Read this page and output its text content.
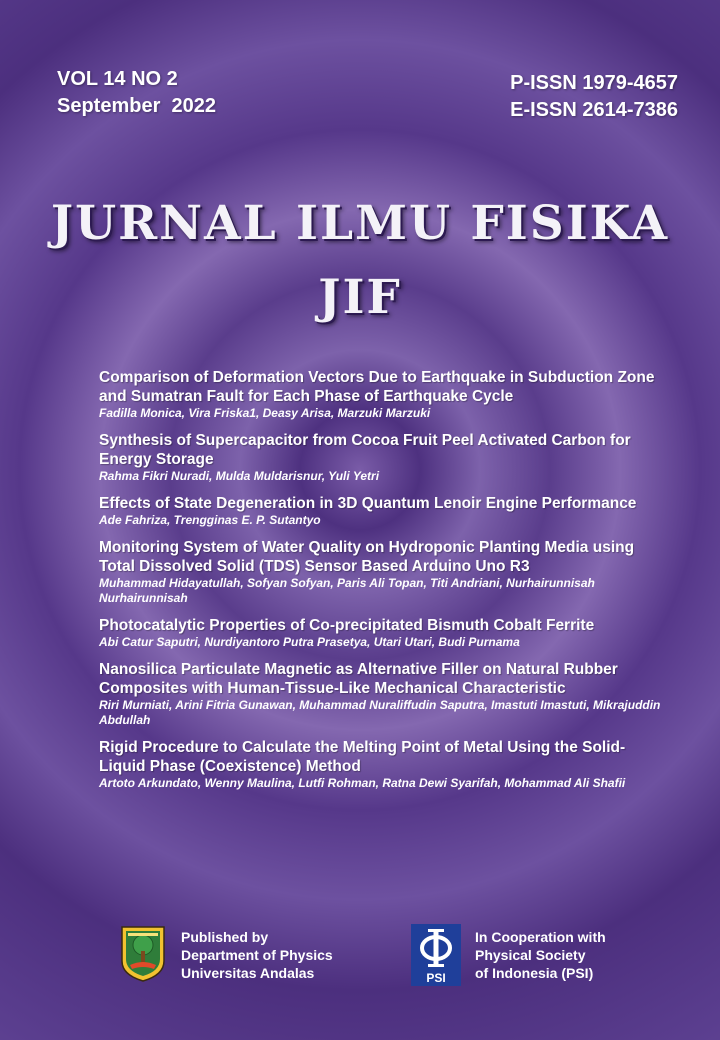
VOL 14 NO 2
September  2022
P-ISSN 1979-4657
E-ISSN 2614-7386
JURNAL ILMU FISIKA
JIF
Comparison of Deformation Vectors Due to Earthquake in Subduction Zone and Sumatran Fault for Each Phase of Earthquake Cycle
Fadilla Monica, Vira Friska1, Deasy Arisa, Marzuki Marzuki
Synthesis of Supercapacitor from Cocoa Fruit Peel Activated Carbon for Energy Storage
Rahma Fikri Nuradi, Mulda Muldarisnur, Yuli Yetri
Effects of State Degeneration in 3D Quantum Lenoir Engine Performance
Ade Fahriza, Trengginas E. P. Sutantyo
Monitoring System of Water Quality on Hydroponic Planting Media using Total Dissolved Solid (TDS) Sensor Based Arduino Uno R3
Muhammad Hidayatullah, Sofyan Sofyan, Paris Ali Topan, Titi Andriani, Nurhairunnisah Nurhairunnisah
Photocatalytic Properties of Co-precipitated Bismuth Cobalt Ferrite
Abi Catur Saputri, Nurdiyantoro Putra Prasetya, Utari Utari, Budi Purnama
Nanosilica Particulate Magnetic as Alternative Filler on Natural Rubber Composites with Human-Tissue-Like Mechanical Characteristic
Riri Murniati, Arini Fitria Gunawan, Muhammad Nuraliffudin Saputra, Imastuti Imastuti, Mikrajuddin Abdullah
Rigid Procedure to Calculate the Melting Point of Metal Using the Solid-Liquid Phase (Coexistence) Method
Artoto Arkundato, Wenny Maulina, Lutfi Rohman, Ratna Dewi Syarifah, Mohammad Ali Shafii
Published by
Department of Physics
Universitas Andalas	PSI
In Cooperation with
Physical Society
of Indonesia (PSI)
